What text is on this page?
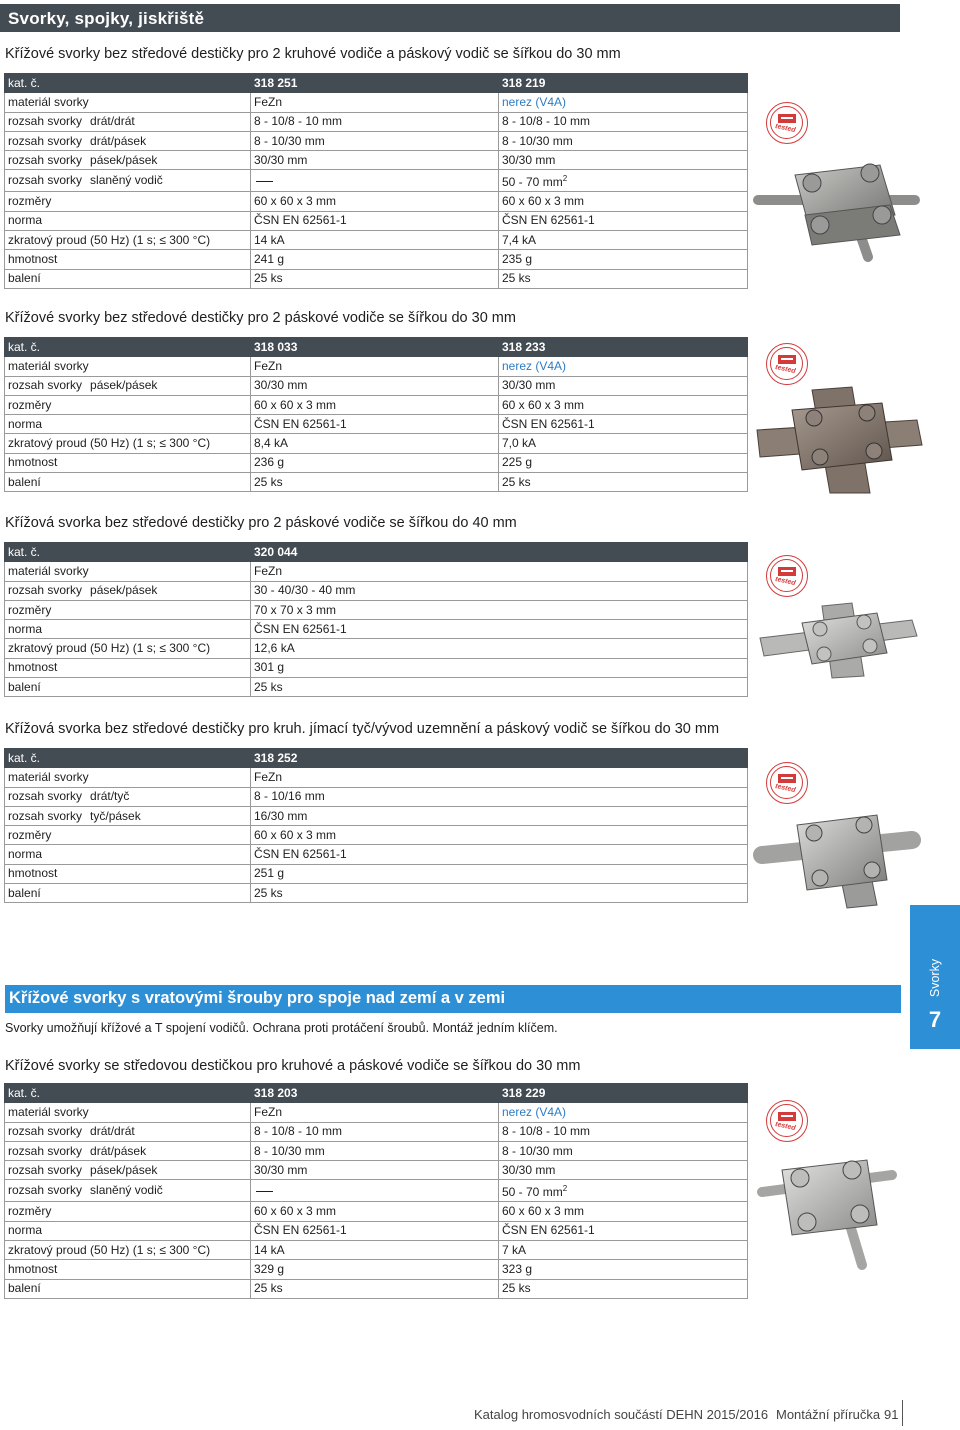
Svorky, spojky, jiskřiště
Křížové svorky bez středové destičky pro 2 kruhové vodiče a páskový vodič se šířkou do 30 mm
kat. č.	318 251	318 219
materiál svorky	FeZn	nerez (V4A)
rozsah svorky drát/drát	8 - 10/8 - 10 mm	8 - 10/8 - 10 mm
rozsah svorky drát/pásek	8 - 10/30 mm	8 - 10/30 mm
rozsah svorky pásek/pásek	30/30 mm	30/30 mm
rozsah svorky slaněný vodič		50 - 70 $mm^2$
rozměry	60 x 60 x 3 mm	60 x 60 x 3 mm
norma	ČSN EN 62561-1	ČSN EN 62561-1
zkratový proud (50 Hz) (1 s; ≤ 300 °C)	14 kA	7,4 kA
hmotnost	241 g	235 g
balení	25 ks	25 ks
Křížové svorky bez středové destičky pro 2 páskové vodiče se šířkou do 30 mm
kat. č.	318 033	318 233
materiál svorky	FeZn	nerez (V4A)
rozsah svorky pásek/pásek	30/30 mm	30/30 mm
rozměry	60 x 60 x 3 mm	60 x 60 x 3 mm
norma	ČSN EN 62561-1	ČSN EN 62561-1
zkratový proud (50 Hz) (1 s; ≤ 300 °C)	8,4 kA	7,0 kA
hmotnost	236 g	225 g
balení	25 ks	25 ks
Křížová svorka bez středové destičky pro 2 páskové vodiče se šířkou do 40 mm
kat. č.	320 044
materiál svorky	FeZn
rozsah svorky pásek/pásek	30 - 40/30 - 40 mm
rozměry	70 x 70 x 3 mm
norma	ČSN EN 62561-1
zkratový proud (50 Hz) (1 s; ≤ 300 °C)	12,6 kA
hmotnost	301 g
balení	25 ks
Křížová svorka bez středové destičky pro kruh. jímací tyč/vývod uzemnění a páskový vodič se šířkou do 30 mm
kat. č.	318 252
materiál svorky	FeZn
rozsah svorky drát/tyč	8 - 10/16 mm
rozsah svorky tyč/pásek	16/30 mm
rozměry	60 x 60 x 3 mm
norma	ČSN EN 62561-1
hmotnost	251 g
balení	25 ks
Svorky
7
Křížové svorky s vratovými šrouby pro spoje nad zemí a v zemi
Svorky umožňují křížové a T spojení vodičů. Ochrana proti protáčení šroubů. Montáž jedním klíčem.
Křížové svorky se středovou destičkou pro kruhové a páskové vodiče se šířkou do 30 mm
kat. č.	318 203	318 229
materiál svorky	FeZn	nerez (V4A)
rozsah svorky drát/drát	8 - 10/8 - 10 mm	8 - 10/8 - 10 mm
rozsah svorky drát/pásek	8 - 10/30 mm	8 - 10/30 mm
rozsah svorky pásek/pásek	30/30 mm	30/30 mm
rozsah svorky slaněný vodič		50 - 70 $mm^2$
rozměry	60 x 60 x 3 mm	60 x 60 x 3 mm
norma	ČSN EN 62561-1	ČSN EN 62561-1
zkratový proud (50 Hz) (1 s; ≤ 300 °C)	14 kA	7 kA
hmotnost	329 g	323 g
balení	25 ks	25 ks
tested
tested
tested
tested
tested
Katalog hromosvodních součástí DEHN 2015/2016 Montážní příručka 91
